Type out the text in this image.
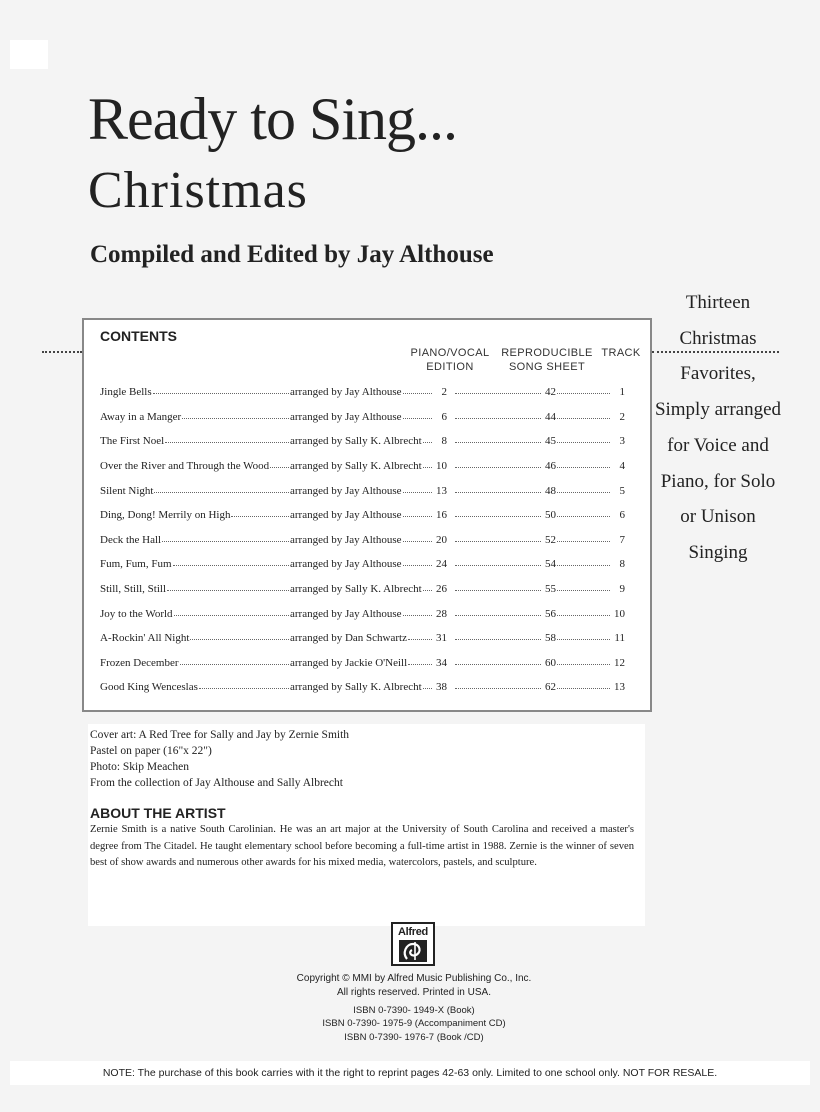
Ready to Sing...
Christmas
Compiled and Edited by Jay Althouse
Thirteen
Christmas
Favorites,
Simply arranged
for Voice and
Piano, for Solo
or Unison
Singing
CONTENTS
PIANO/VOCAL
EDITION
REPRODUCIBLE
SONG SHEET
TRACK
Jingle Bells	arranged by Jay Althouse	2	42	1
Away in a Manger	arranged by Jay Althouse	6	44	2
The First Noel	arranged by Sally K. Albrecht	8	45	3
Over the River and Through the Wood arranged by Sally K. Albrecht 10	46	4
Silent Night	arranged by Jay Althouse	13	48	5
Ding, Dong! Merrily on High	arranged by Jay Althouse	16	50	6
Deck the Hall	arranged by Jay Althouse	20	52	7
Fum, Fum, Fum	arranged by Jay Althouse	24	54	8
Still, Still, Still	arranged by Sally K. Albrecht 26	55	9
Joy to the World	arranged by Jay Althouse	28	56	10
A-Rockin' All Night	arranged by Dan Schwartz	31	58	11
Frozen December	arranged by Jackie O'Neill	34	60	12
Good King Wenceslas	arranged by Sally K. Albrecht 38	62	13
Cover art: A Red Tree for Sally and Jay by Zernie Smith
Pastel on paper (16"x 22")
Photo: Skip Meachen
From the collection of Jay Althouse and Sally Albrecht
ABOUT THE ARTIST
Zernie Smith is a native South Carolinian. He was an art major at the University of South Carolina and received a master's degree from The Citadel. He taught elementary school before becoming a full-time artist in 1988. Zernie is the winner of seven best of show awards and numerous other awards for his mixed media, watercolors, pastels, and sculpture.
Alfred
Copyright © MMI by Alfred Music Publishing Co., Inc.
All rights reserved. Printed in USA.
ISBN 0-7390- 1949-X (Book)
ISBN 0-7390- 1975-9 (Accompaniment CD)
ISBN 0-7390- 1976-7 (Book /CD)
NOTE: The purchase of this book carries with it the right to reprint pages 42-63 only. Limited to one school only. NOT FOR RESALE.
